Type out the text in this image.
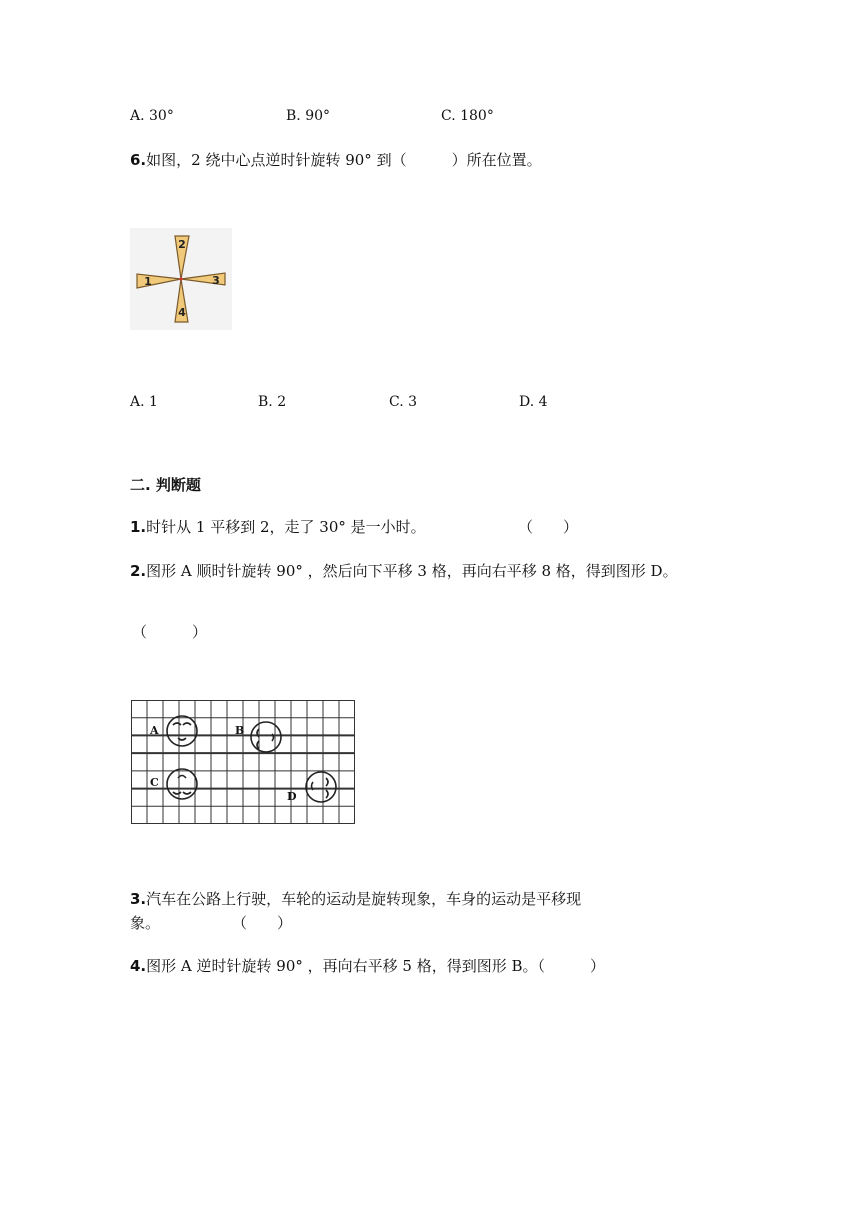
A. 30°	B. 90°	C. 180°
6.如图，2 绕中心点逆时针旋转 90° 到（　　　）所在位置。
2
4
1	3
A. 1	B. 2	C. 3	D. 4
二. 判断题
1.时针从 1 平移到 2，走了 30° 是一小时。	（　　）
2.图形 A 顺时针旋转 90° ，然后向下平移 3 格，再向右平移 8 格，得到图形 D。
（　　　）
A	B
C
D
3.汽车在公路上行驶，车轮的运动是旋转现象，车身的运动是平移现
象。	（　　）
4.图形 A 逆时针旋转 90° ，再向右平移 5 格，得到图形 B。（　　　）
